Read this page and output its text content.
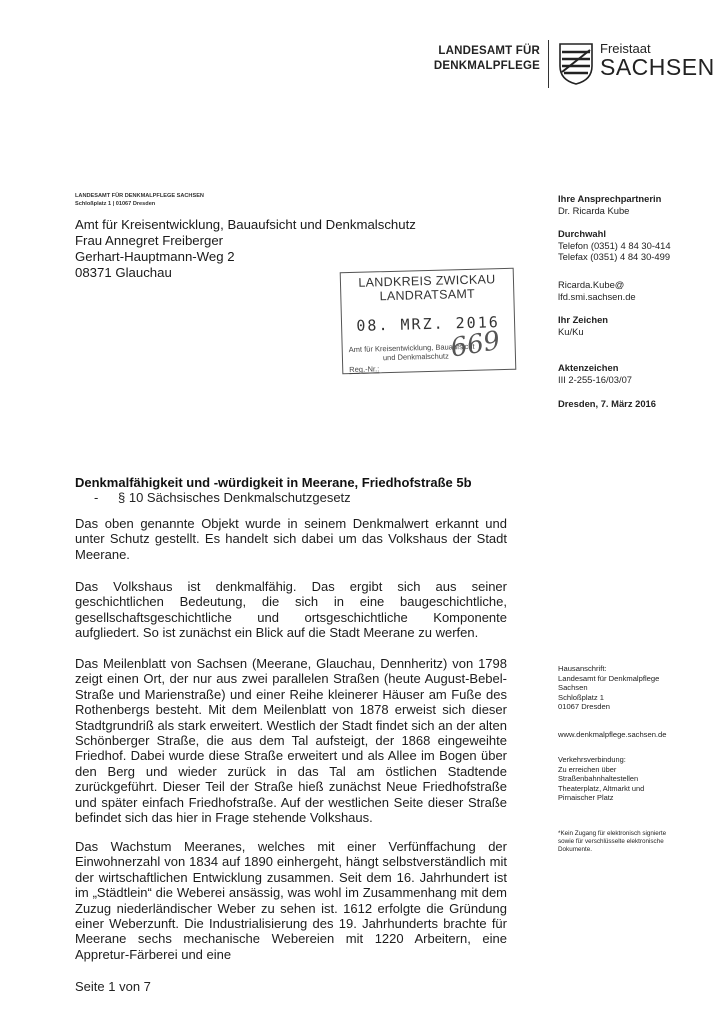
LANDESAMT FÜR
DENKMALPFLEGE
Freistaat
SACHSEN
LANDESAMT FÜR DENKMALPFLEGE SACHSEN
Schloßplatz 1 | 01067 Dresden
Amt für Kreisentwicklung, Bauaufsicht und Denkmalschutz
Frau Annegret Freiberger
Gerhart-Hauptmann-Weg 2
08371 Glauchau
Ihre Ansprechpartnerin
Dr. Ricarda Kube
Durchwahl
Telefon (0351) 4 84 30-414
Telefax (0351) 4 84 30-499
Ricarda.Kube@
lfd.smi.sachsen.de
Ihr Zeichen
Ku/Ku
Aktenzeichen
III 2-255-16/03/07
Dresden, 7. März 2016
LANDKREIS ZWICKAU
LANDRATSAMT
08. MRZ. 2016
Amt für Kreisentwicklung, Bauaufsicht
und Denkmalschutz
Reg.-Nr.:
669
Denkmalfähigkeit und -würdigkeit in Meerane, Friedhofstraße 5b
- § 10 Sächsisches Denkmalschutzgesetz
Das oben genannte Objekt wurde in seinem Denkmalwert erkannt und unter Schutz gestellt. Es handelt sich dabei um das Volkshaus der Stadt Meerane.
Das Volkshaus ist denkmalfähig. Das ergibt sich aus seiner geschichtlichen Bedeutung, die sich in eine baugeschichtliche, gesellschaftsgeschichtliche und ortsgeschichtliche Komponente aufgliedert. So ist zunächst ein Blick auf die Stadt Meerane zu werfen.
Das Meilenblatt von Sachsen (Meerane, Glauchau, Dennheritz) von 1798 zeigt einen Ort, der nur aus zwei parallelen Straßen (heute August-Bebel-Straße und Marienstraße) und einer Reihe kleinerer Häuser am Fuße des Rothenbergs besteht. Mit dem Meilenblatt von 1878 erweist sich dieser Stadtgrundriß als stark erweitert. Westlich der Stadt findet sich an der alten Schönberger Straße, die aus dem Tal aufsteigt, der 1868 eingeweihte Friedhof. Dabei wurde diese Straße erweitert und als Allee im Bogen über den Berg und wieder zurück in das Tal am östlichen Stadtende zurückgeführt. Dieser Teil der Straße hieß zunächst Neue Friedhofstraße und später einfach Friedhofstraße. Auf der westlichen Seite dieser Straße befindet sich das hier in Frage stehende Volkshaus.
Das Wachstum Meeranes, welches mit einer Verfünffachung der Einwohnerzahl von 1834 auf 1890 einhergeht, hängt selbstverständlich mit der wirtschaftlichen Entwicklung zusammen. Seit dem 16. Jahrhundert ist im „Städtlein“ die Weberei ansässig, was wohl im Zusammenhang mit dem Zuzug niederländischer Weber zu sehen ist. 1612 erfolgte die Gründung einer Weberzunft. Die Industrialisierung des 19. Jahrhunderts brachte für Meerane sechs mechanische Webereien mit 1220 Arbeitern, eine Appretur-Färberei und eine
Hausanschrift:
Landesamt für Denkmalpflege
Sachsen
Schloßplatz 1
01067 Dresden
www.denkmalpflege.sachsen.de
Verkehrsverbindung:
Zu erreichen über
Straßenbahnhaltestellen
Theaterplatz, Altmarkt und
Pirnaischer Platz
*Kein Zugang für elektronisch signierte
sowie für verschlüsselte elektronische
Dokumente.
Seite 1 von 7
